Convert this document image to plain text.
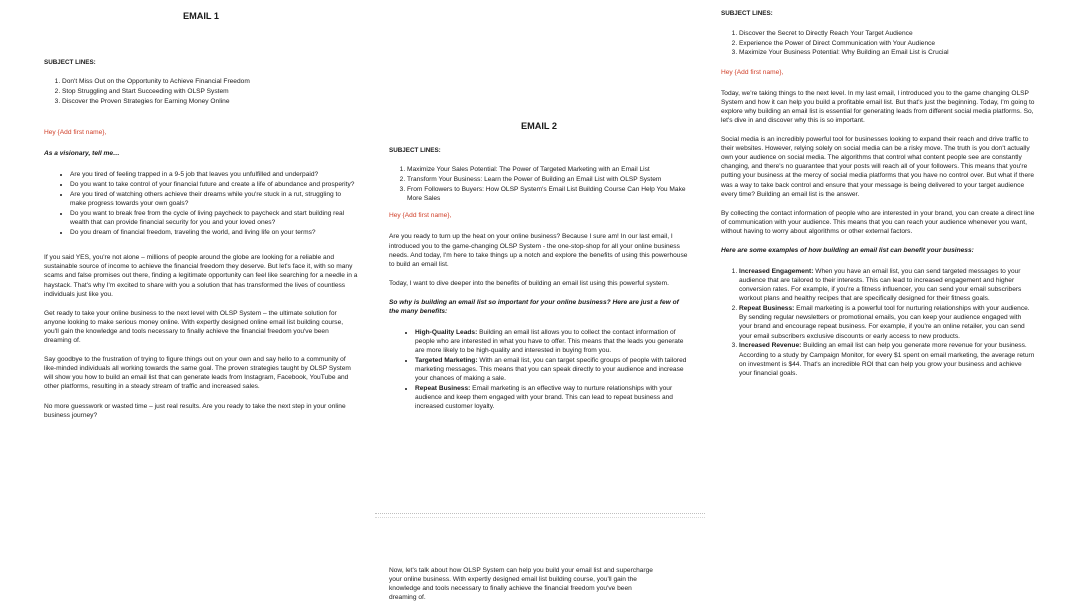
EMAIL 1
SUBJECT LINES:
1. Don't Miss Out on the Opportunity to Achieve Financial Freedom
2. Stop Struggling and Start Succeeding with OLSP System
3. Discover the Proven Strategies for Earning Money Online
Hey {Add first name},
As a visionary, tell me…
• Are you tired of feeling trapped in a 9-5 job that leaves you unfulfilled and underpaid?
• Do you want to take control of your financial future and create a life of abundance and prosperity?
• Are you tired of watching others achieve their dreams while you're stuck in a rut, struggling to make progress towards your own goals?
• Do you want to break free from the cycle of living paycheck to paycheck and start building real wealth that can provide financial security for you and your loved ones?
• Do you dream of financial freedom, traveling the world, and living life on your terms?

If you said YES, you're not alone – millions of people around the globe are looking for a reliable and sustainable source of income to achieve the financial freedom they deserve. But let's face it, with so many scams and false promises out there, finding a legitimate opportunity can feel like searching for a needle in a haystack. That's why I'm excited to share with you a solution that has transformed the lives of countless individuals just like you.

Get ready to take your online business to the next level with OLSP System – the ultimate solution for anyone looking to make serious money online. With expertly designed online email list building course, you'll gain the knowledge and tools necessary to finally achieve the financial freedom you've been dreaming of.

Say goodbye to the frustration of trying to figure things out on your own and say hello to a community of like-minded individuals all working towards the same goal. The proven strategies taught by OLSP System will show you how to build an email list that can generate leads from Instagram, Facebook, YouTube and other platforms, resulting in a steady stream of traffic and increased sales.

No more guesswork or wasted time – just real results. Are you ready to take the next step in your online business journey?

EMAIL 2
SUBJECT LINES:
1. Maximize Your Sales Potential: The Power of Targeted Marketing with an Email List
2. Transform Your Business: Learn the Power of Building an Email List with OLSP System
3. From Followers to Buyers: How OLSP System's Email List Building Course Can Help You Make More Sales
Hey {Add first name},

Are you ready to turn up the heat on your online business? Because I sure am! In our last email, I introduced you to the game-changing OLSP System - the one-stop-shop for all your online business needs. And today, I'm here to take things up a notch and explore the benefits of using this powerhouse to build an email list.

Today, I want to dive deeper into the benefits of building an email list using this powerful system.

So why is building an email list so important for your online business? Here are just a few of the many benefits:
• High-Quality Leads: Building an email list allows you to collect the contact information of people who are interested in what you have to offer. This means that the leads you generate are more likely to be high-quality and interested in buying from you.
• Targeted Marketing: With an email list, you can target specific groups of people with tailored marketing messages. This means that you can speak directly to your audience and increase your chances of making a sale.
• Repeat Business: Email marketing is an effective way to nurture relationships with your audience and keep them engaged with your brand. This can lead to repeat business and increased customer loyalty.

Now, let's talk about how OLSP System can help you build your email list and supercharge your online business. With expertly designed email list building course, you'll gain the knowledge and tools necessary to finally achieve the financial freedom you've been dreaming of.

SUBJECT LINES:
1. Discover the Secret to Directly Reach Your Target Audience
2. Experience the Power of Direct Communication with Your Audience
3. Maximize Your Business Potential: Why Building an Email List is Crucial
Hey {Add first name},

Today, we're taking things to the next level. In my last email, I introduced you to the game changing OLSP System and how it can help you build a profitable email list. But that's just the beginning. Today, I'm going to explore why building an email list is essential for generating leads from different social media platforms. So, let's dive in and discover why this is so important.

Social media is an incredibly powerful tool for businesses looking to expand their reach and drive traffic to their websites. However, relying solely on social media can be a risky move. The truth is you don't actually own your audience on social media. The algorithms that control what content people see are constantly changing, and there's no guarantee that your posts will reach all of your followers. This means that you're putting your business at the mercy of social media platforms that you have no control over. But what if there was a way to take back control and ensure that your message is being delivered to your target audience every time? Building an email list is the answer.

By collecting the contact information of people who are interested in your brand, you can create a direct line of communication with your audience. This means that you can reach your audience whenever you want, without having to worry about algorithms or other external factors.

Here are some examples of how building an email list can benefit your business:
1. Increased Engagement: When you have an email list, you can send targeted messages to your audience that are tailored to their interests. This can lead to increased engagement and higher conversion rates. For example, if you're a fitness influencer, you can send your email subscribers workout plans and healthy recipes that are specifically designed for their fitness goals.
2. Repeat Business: Email marketing is a powerful tool for nurturing relationships with your audience. By sending regular newsletters or promotional emails, you can keep your audience engaged with your brand and encourage repeat business. For example, if you're an online retailer, you can send your email subscribers exclusive discounts or early access to new products.
3. Increased Revenue: Building an email list can help you generate more revenue for your business. According to a study by Campaign Monitor, for every $1 spent on email marketing, the average return on investment is $44. That's an incredible ROI that can help you grow your business and achieve your financial goals.
